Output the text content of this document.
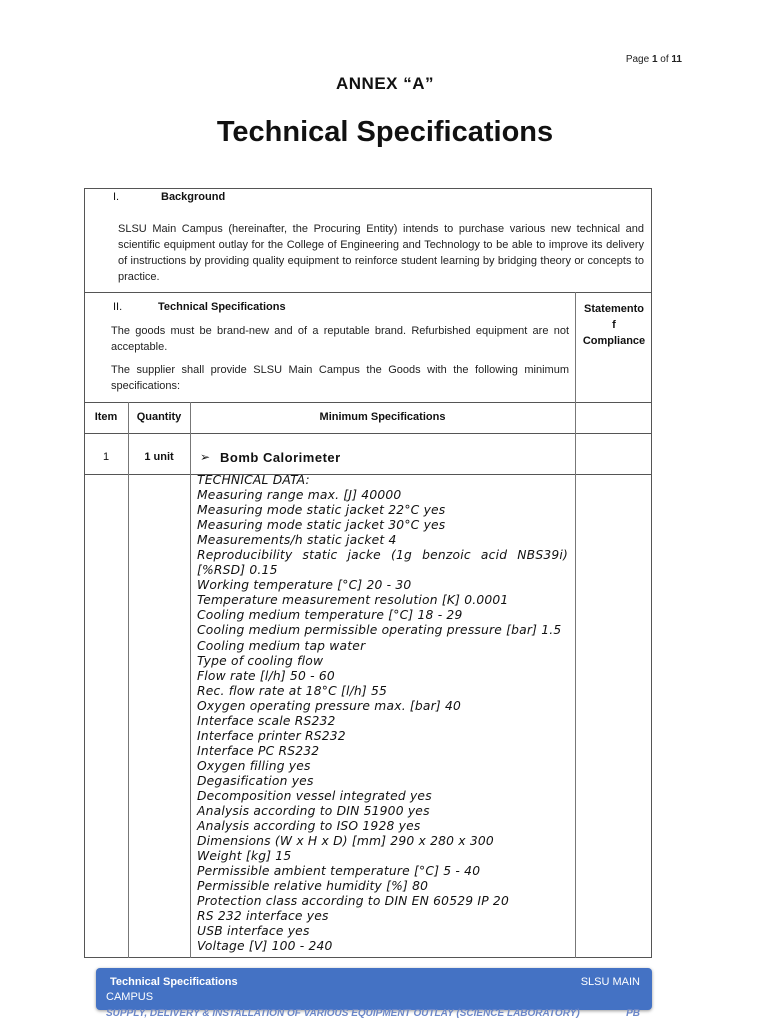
Page 1 of 11
ANNEX “A”
Technical Specifications
I.	Background
SLSU Main Campus (hereinafter, the Procuring Entity) intends to purchase various new technical and scientific equipment outlay for the College of Engineering and Technology to be able to improve its delivery of instructions by providing quality equipment to reinforce student learning by bridging theory or concepts to practice.
II.	Technical Specifications	Statemento
f
Compliance
The goods must be brand-new and of a reputable brand. Refurbished equipment are not acceptable.
The supplier shall provide SLSU Main Campus the Goods with the following minimum specifications:
Item	Quantity	Minimum Specifications
1	1 unit	➢ Bomb Calorimeter
TECHNICAL DATA:
Measuring range max. [J] 40000
Measuring mode static jacket 22°C yes
Measuring mode static jacket 30°C yes
Measurements/h static jacket 4
Reproducibility static jacke (1g benzoic acid NBS39i)
[%RSD] 0.15
Working temperature [°C] 20 - 30
Temperature measurement resolution [K] 0.0001
Cooling medium temperature [°C] 18 - 29
Cooling medium permissible operating pressure [bar] 1.5
Cooling medium tap water
Type of cooling flow
Flow rate [l/h] 50 - 60
Rec. flow rate at 18°C [l/h] 55
Oxygen operating pressure max. [bar] 40
Interface scale RS232
Interface printer RS232
Interface PC RS232
Oxygen filling yes
Degasification yes
Decomposition vessel integrated yes
Analysis according to DIN 51900 yes
Analysis according to ISO 1928 yes
Dimensions (W x H x D) [mm] 290 x 280 x 300
Weight [kg] 15
Permissible ambient temperature [°C] 5 - 40
Permissible relative humidity [%] 80
Protection class according to DIN EN 60529 IP 20
RS 232 interface yes
USB interface yes
Voltage [V] 100 - 240
Technical Specifications	SLSU MAIN
CAMPUS
SUPPLY, DELIVERY & INSTALLATION OF VARIOUS EQUIPMENT OUTLAY (SCIENCE LABORATORY)	PB
